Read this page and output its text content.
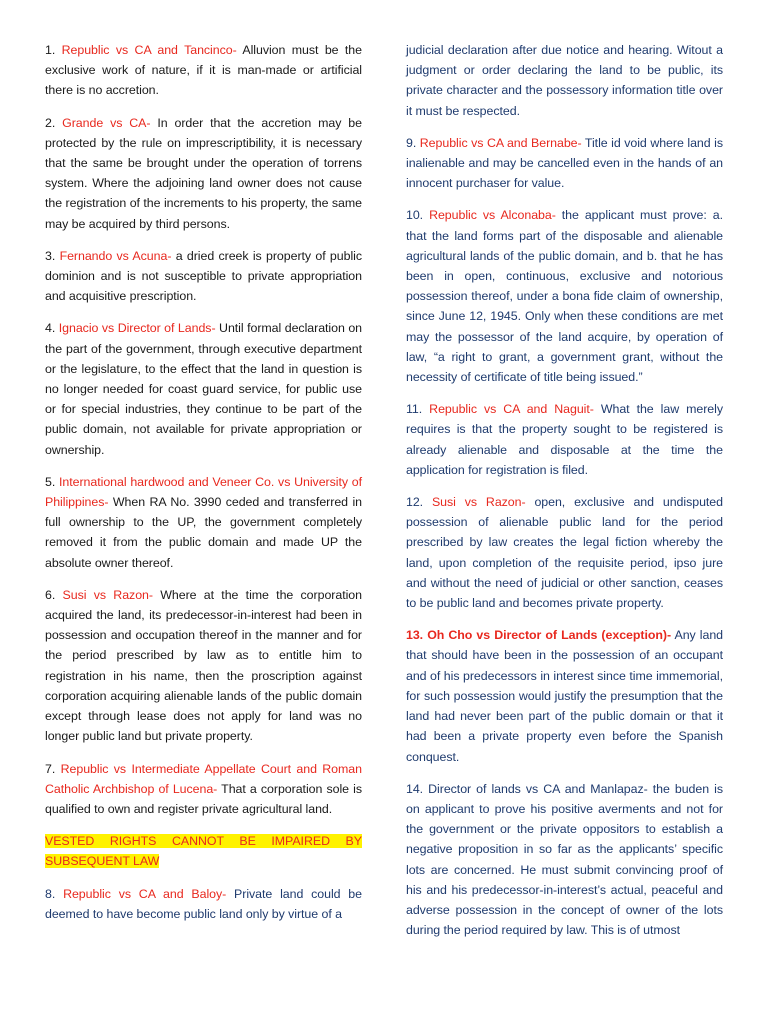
1. Republic vs CA and Tancinco- Alluvion must be the exclusive work of nature, if it is man-made or artificial there is no accretion.

2. Grande vs CA- In order that the accretion may be protected by the rule on imprescriptibility, it is necessary that the same be brought under the operation of torrens system. Where the adjoining land owner does not cause the registration of the increments to his property, the same may be acquired by third persons.

3. Fernando vs Acuna- a dried creek is property of public dominion and is not susceptible to private appropriation and acquisitive prescription.

4. Ignacio vs Director of Lands- Until formal declaration on the part of the government, through executive department or the legislature, to the effect that the land in question is no longer needed for coast guard service, for public use or for special industries, they continue to be part of the public domain, not available for private appropriation or ownership.

5. International hardwood and Veneer Co. vs University of Philippines- When RA No. 3990 ceded and transferred in full ownership to the UP, the government completely removed it from the public domain and made UP the absolute owner thereof.

6. Susi vs Razon- Where at the time the corporation acquired the land, its predecessor-in-interest had been in possession and occupation thereof in the manner and for the period prescribed by law as to entitle him to registration in his name, then the proscription against corporation acquiring alienable lands of the public domain except through lease does not apply for land was no longer public land but private property.

7. Republic vs Intermediate Appellate Court and Roman Catholic Archbishop of Lucena- That a corporation sole is qualified to own and register private agricultural land.

VESTED RIGHTS CANNOT BE IMPAIRED BY SUBSEQUENT LAW

8. Republic vs CA and Baloy- Private land could be deemed to have become public land only by virtue of a

judicial declaration after due notice and hearing. Witout a judgment or order declaring the land to be public, its private character and the possessory information title over it must be respected.

9. Republic vs CA and Bernabe- Title id void where land is inalienable and may be cancelled even in the hands of an innocent purchaser for value.

10. Republic vs Alconaba- the applicant must prove: a. that the land forms part of the disposable and alienable agricultural lands of the public domain, and b. that he has been in open, continuous, exclusive and notorious possession thereof, under a bona fide claim of ownership, since June 12, 1945. Only when these conditions are met may the possessor of the land acquire, by operation of law, “a right to grant, a government grant, without the necessity of certificate of title being issued.”

11. Republic vs CA and Naguit- What the law merely requires is that the property sought to be registered is already alienable and disposable at the time the application for registration is filed.

12. Susi vs Razon- open, exclusive and undisputed possession of alienable public land for the period prescribed by law creates the legal fiction whereby the land, upon completion of the requisite period, ipso jure and without the need of judicial or other sanction, ceases to be public land and becomes private property.

13. Oh Cho vs Director of Lands (exception)- Any land that should have been in the possession of an occupant and of his predecessors in interest since time immemorial, for such possession would justify the presumption that the land had never been part of the public domain or that it had been a private property even before the Spanish conquest.

14. Director of lands vs CA and Manlapaz- the buden is on applicant to prove his positive averments and not for the government or the private oppositors to establish a negative proposition in so far as the applicants’ specific lots are concerned. He must submit convincing proof of his and his predecessor-in-interest’s actual, peaceful and adverse possession in the concept of owner of the lots during the period required by law. This is of utmost
